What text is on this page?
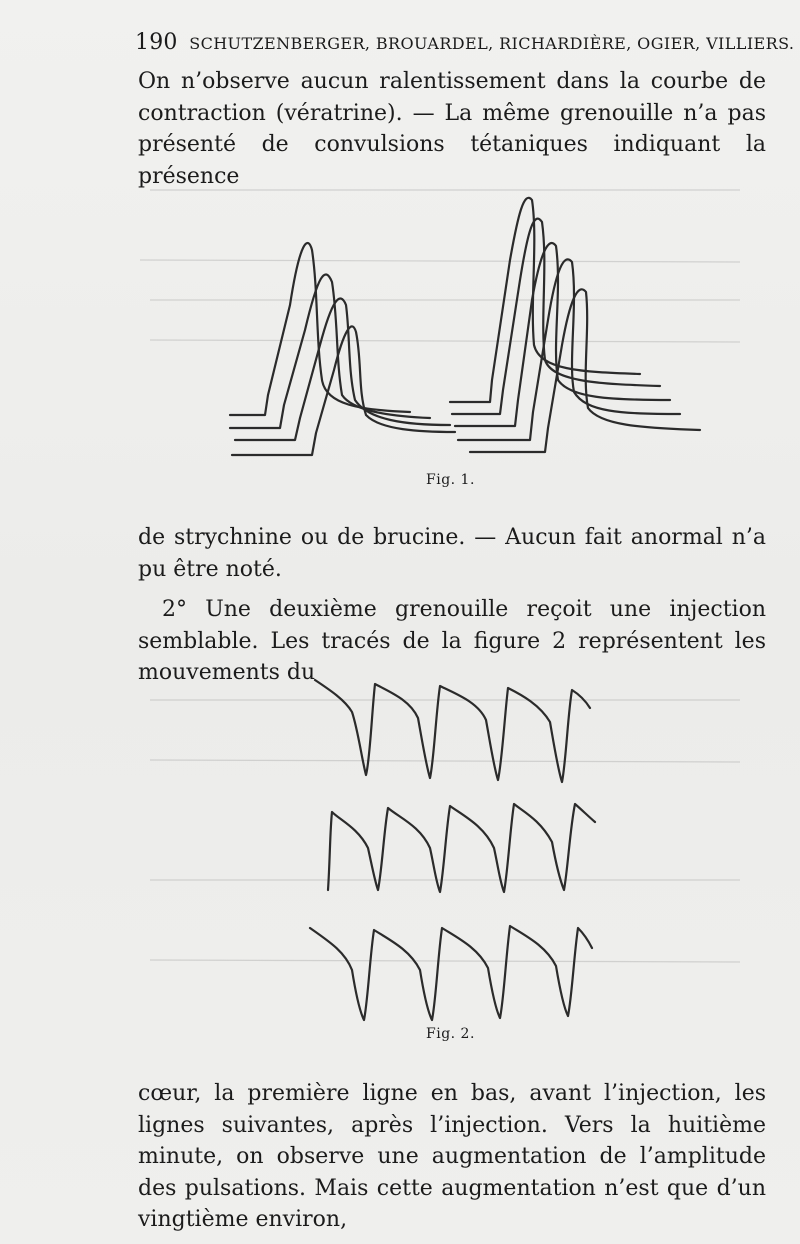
190 SCHUTZENBERGER, BROUARDEL, RICHARDIÈRE, OGIER, VILLIERS.
On n’observe aucun ralentissement dans la courbe de contraction (vératrine). — La même grenouille n’a pas présenté de convulsions tétaniques indiquant la présence
Fig. 1.
de strychnine ou de brucine. — Aucun fait anormal n’a pu être noté.
2° Une deuxième grenouille reçoit une injection semblable. Les tracés de la figure 2 représentent les mouvements du
Fig. 2.
cœur, la première ligne en bas, avant l’injection, les lignes suivantes, après l’injection. Vers la huitième minute, on observe une augmentation de l’amplitude des pulsations. Mais cette augmentation n’est que d’un vingtième environ,
